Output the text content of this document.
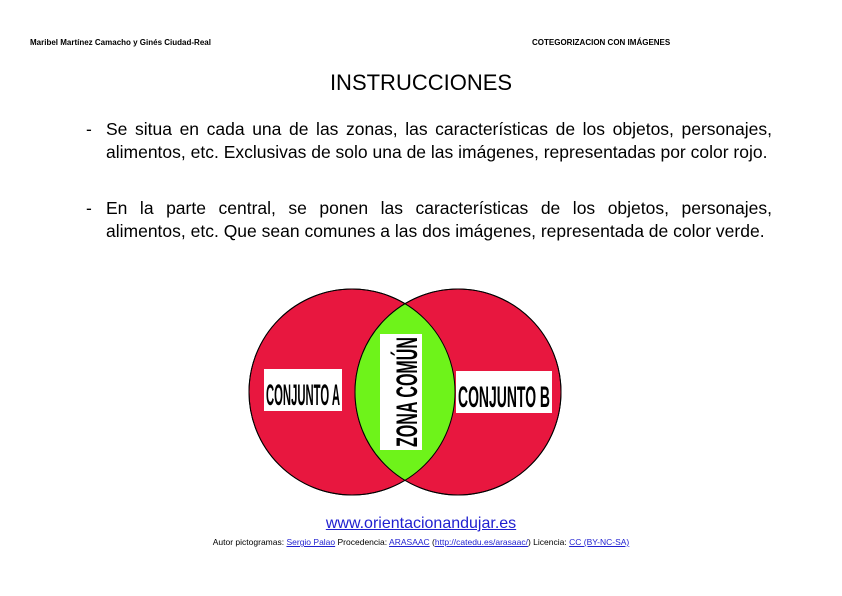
Maribel Martínez Camacho y Ginés Ciudad-Real	COTEGORIZACION CON IMÁGENES
INSTRUCCIONES
- Se situa en cada una de las zonas, las características de los objetos, personajes, alimentos, etc. Exclusivas de solo una de las imágenes, representadas por color rojo.
- En la parte central, se ponen las características de los objetos, personajes, alimentos, etc. Que sean comunes a las dos imágenes, representada de color verde.
CONJUNTO A	CONJUNTO B
ZONA COMÚN
www.orientacionandujar.es
Autor pictogramas: Sergio Palao Procedencia: ARASAAC (http://catedu.es/arasaac/) Licencia: CC (BY-NC-SA)
